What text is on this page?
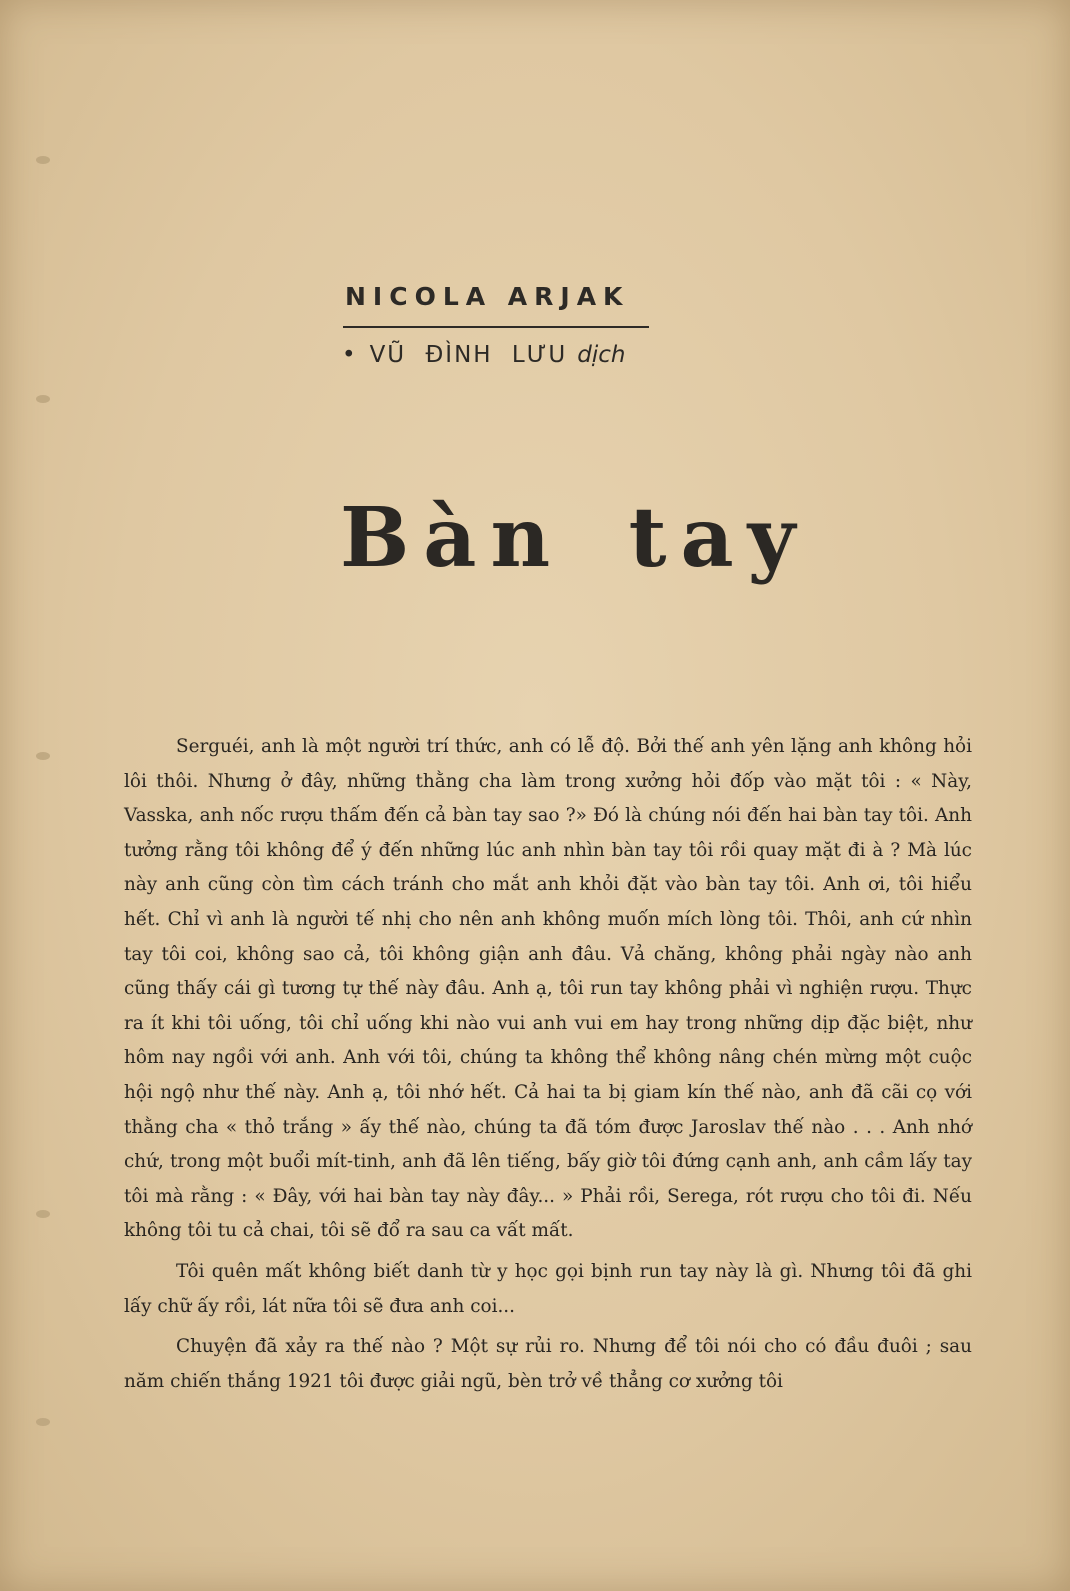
NICOLA ARJAK
• VŨ ĐÌNH LƯU dịch
Bàn tay

Serguéi, anh là một người trí thức, anh có lễ độ. Bởi thế anh yên lặng anh không hỏi lôi thôi. Nhưng ở đây, những thằng cha làm trong xưởng hỏi đốp vào mặt tôi : « Này, Vasska, anh nốc rượu thấm đến cả bàn tay sao ?» Đó là chúng nói đến hai bàn tay tôi. Anh tưởng rằng tôi không để ý đến những lúc anh nhìn bàn tay tôi rồi quay mặt đi à ? Mà lúc này anh cũng còn tìm cách tránh cho mắt anh khỏi đặt vào bàn tay tôi. Anh ơi, tôi hiểu hết. Chỉ vì anh là người tế nhị cho nên anh không muốn mích lòng tôi. Thôi, anh cứ nhìn tay tôi coi, không sao cả, tôi không giận anh đâu. Vả chăng, không phải ngày nào anh cũng thấy cái gì tương tự thế này đâu. Anh ạ, tôi run tay không phải vì nghiện rượu. Thực ra ít khi tôi uống, tôi chỉ uống khi nào vui anh vui em hay trong những dịp đặc biệt, như hôm nay ngồi với anh. Anh với tôi, chúng ta không thể không nâng chén mừng một cuộc hội ngộ như thế này. Anh ạ, tôi nhớ hết. Cả hai ta bị giam kín thế nào, anh đã cãi cọ với thằng cha « thỏ trắng » ấy thế nào, chúng ta đã tóm được Jaroslav thế nào . . . Anh nhớ chứ, trong một buổi mít-tinh, anh đã lên tiếng, bấy giờ tôi đứng cạnh anh, anh cầm lấy tay tôi mà rằng : « Đây, với hai bàn tay này đây... » Phải rồi, Serega, rót rượu cho tôi đi. Nếu không tôi tu cả chai, tôi sẽ đổ ra sau ca vất mất.

Tôi quên mất không biết danh từ y học gọi bịnh run tay này là gì. Nhưng tôi đã ghi lấy chữ ấy rồi, lát nữa tôi sẽ đưa anh coi...

Chuyện đã xảy ra thế nào ? Một sự rủi ro. Nhưng để tôi nói cho có đầu đuôi ; sau năm chiến thắng 1921 tôi được giải ngũ, bèn trở về thẳng cơ xưởng tôi
